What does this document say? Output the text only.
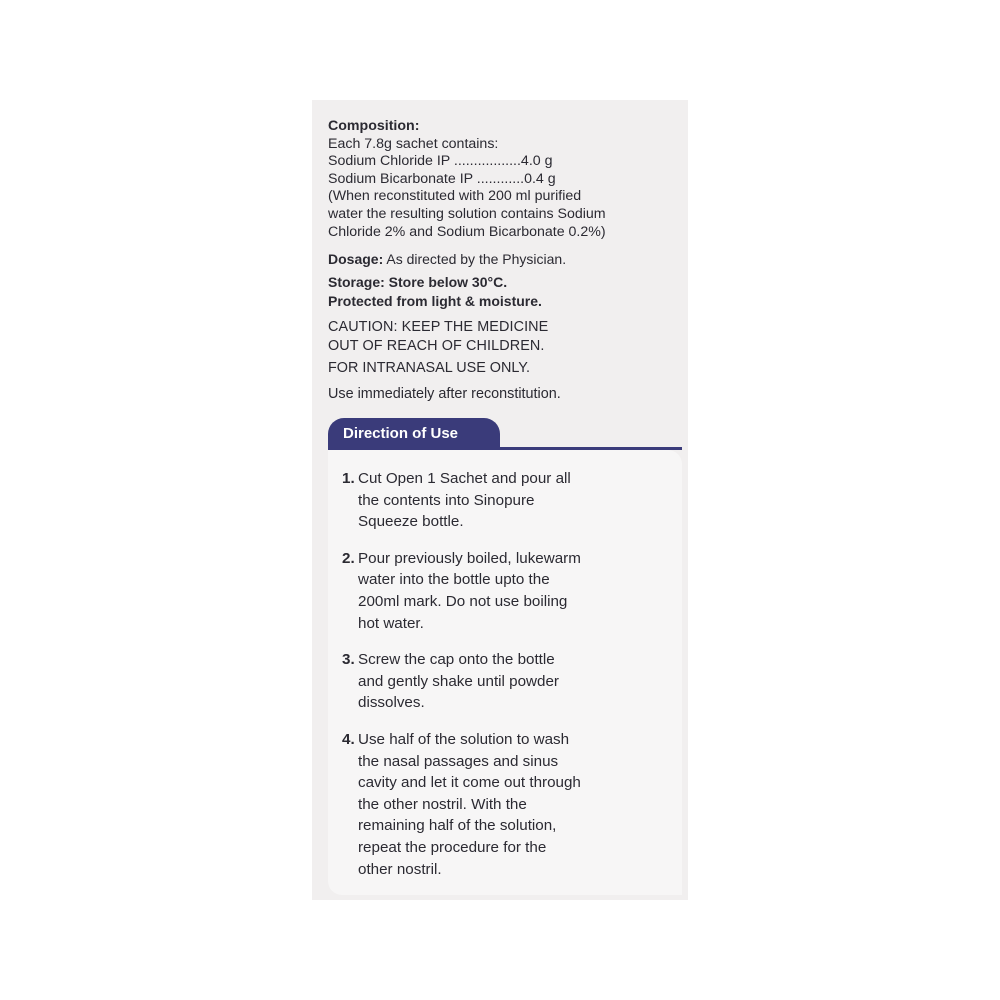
Composition:
Each 7.8g sachet contains:
Sodium Chloride IP .................4.0 g
Sodium Bicarbonate IP ............0.4 g
(When reconstituted with 200 ml purified
water the resulting solution contains Sodium
Chloride 2% and Sodium Bicarbonate 0.2%)
Dosage: As directed by the Physician.
Storage: Store below 30°C.
Protected from light & moisture.
CAUTION: KEEP THE MEDICINE
OUT OF REACH OF CHILDREN.
FOR INTRANASAL USE ONLY.
Use immediately after reconstitution.
Direction of Use
1. Cut Open 1 Sachet and pour all
the contents into Sinopure
Squeeze bottle.
2. Pour previously boiled, lukewarm
water into the bottle upto the
200ml mark. Do not use boiling
hot water.
3. Screw the cap onto the bottle
and gently shake until powder
dissolves.
4. Use half of the solution to wash
the nasal passages and sinus
cavity and let it come out through
the other nostril. With the
remaining half of the solution,
repeat the procedure for the
other nostril.
